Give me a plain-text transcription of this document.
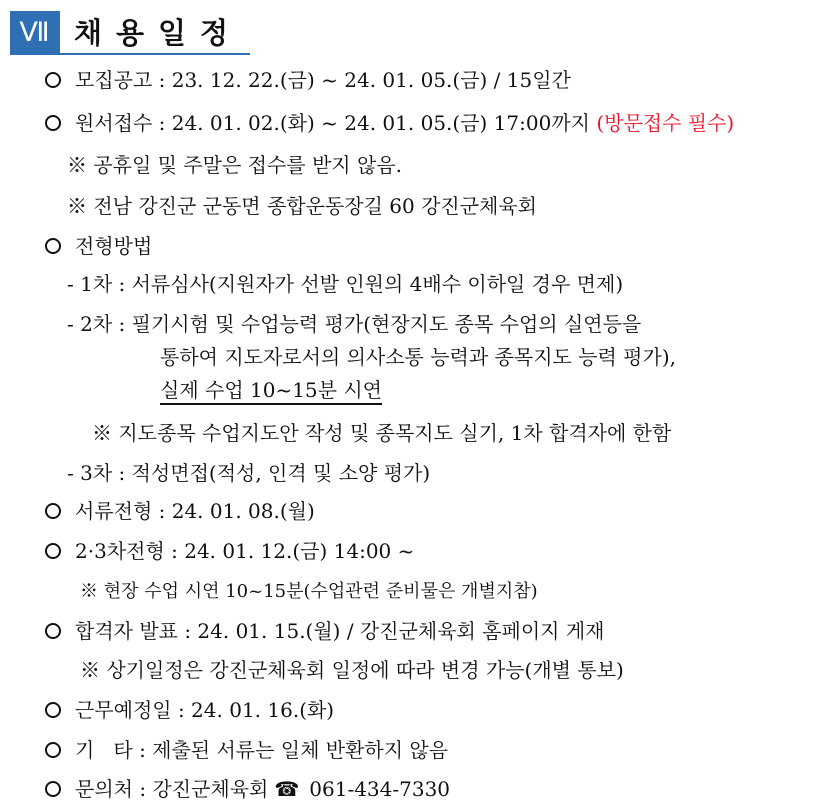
Ⅶ 채용일정
모집공고 : 23. 12. 22.(금) ~ 24. 01. 05.(금) / 15일간
원서접수 : 24. 01. 02.(화) ~ 24. 01. 05.(금) 17:00까지 (방문접수 필수)
※ 공휴일 및 주말은 접수를 받지 않음.
※ 전남 강진군 군동면 종합운동장길 60 강진군체육회
전형방법
- 1차 : 서류심사(지원자가 선발 인원의 4배수 이하일 경우 면제)
- 2차 : 필기시험 및 수업능력 평가(현장지도 종목 수업의 실연등을
통하여 지도자로서의 의사소통 능력과 종목지도 능력 평가),
실제 수업 10~15분 시연
※ 지도종목 수업지도안 작성 및 종목지도 실기, 1차 합격자에 한함
- 3차 : 적성면접(적성, 인격 및 소양 평가)
서류전형 : 24. 01. 08.(월)
2·3차전형 : 24. 01. 12.(금) 14:00 ~
※ 현장 수업 시연 10~15분(수업관련 준비물은 개별지참)
합격자 발표 : 24. 01. 15.(월) / 강진군체육회 홈페이지 게재
※ 상기일정은 강진군체육회 일정에 따라 변경 가능(개별 통보)
근무예정일 : 24. 01. 16.(화)
기   타 : 제출된 서류는 일체 반환하지 않음
문의처 : 강진군체육회 ☎ 061-434-7330
